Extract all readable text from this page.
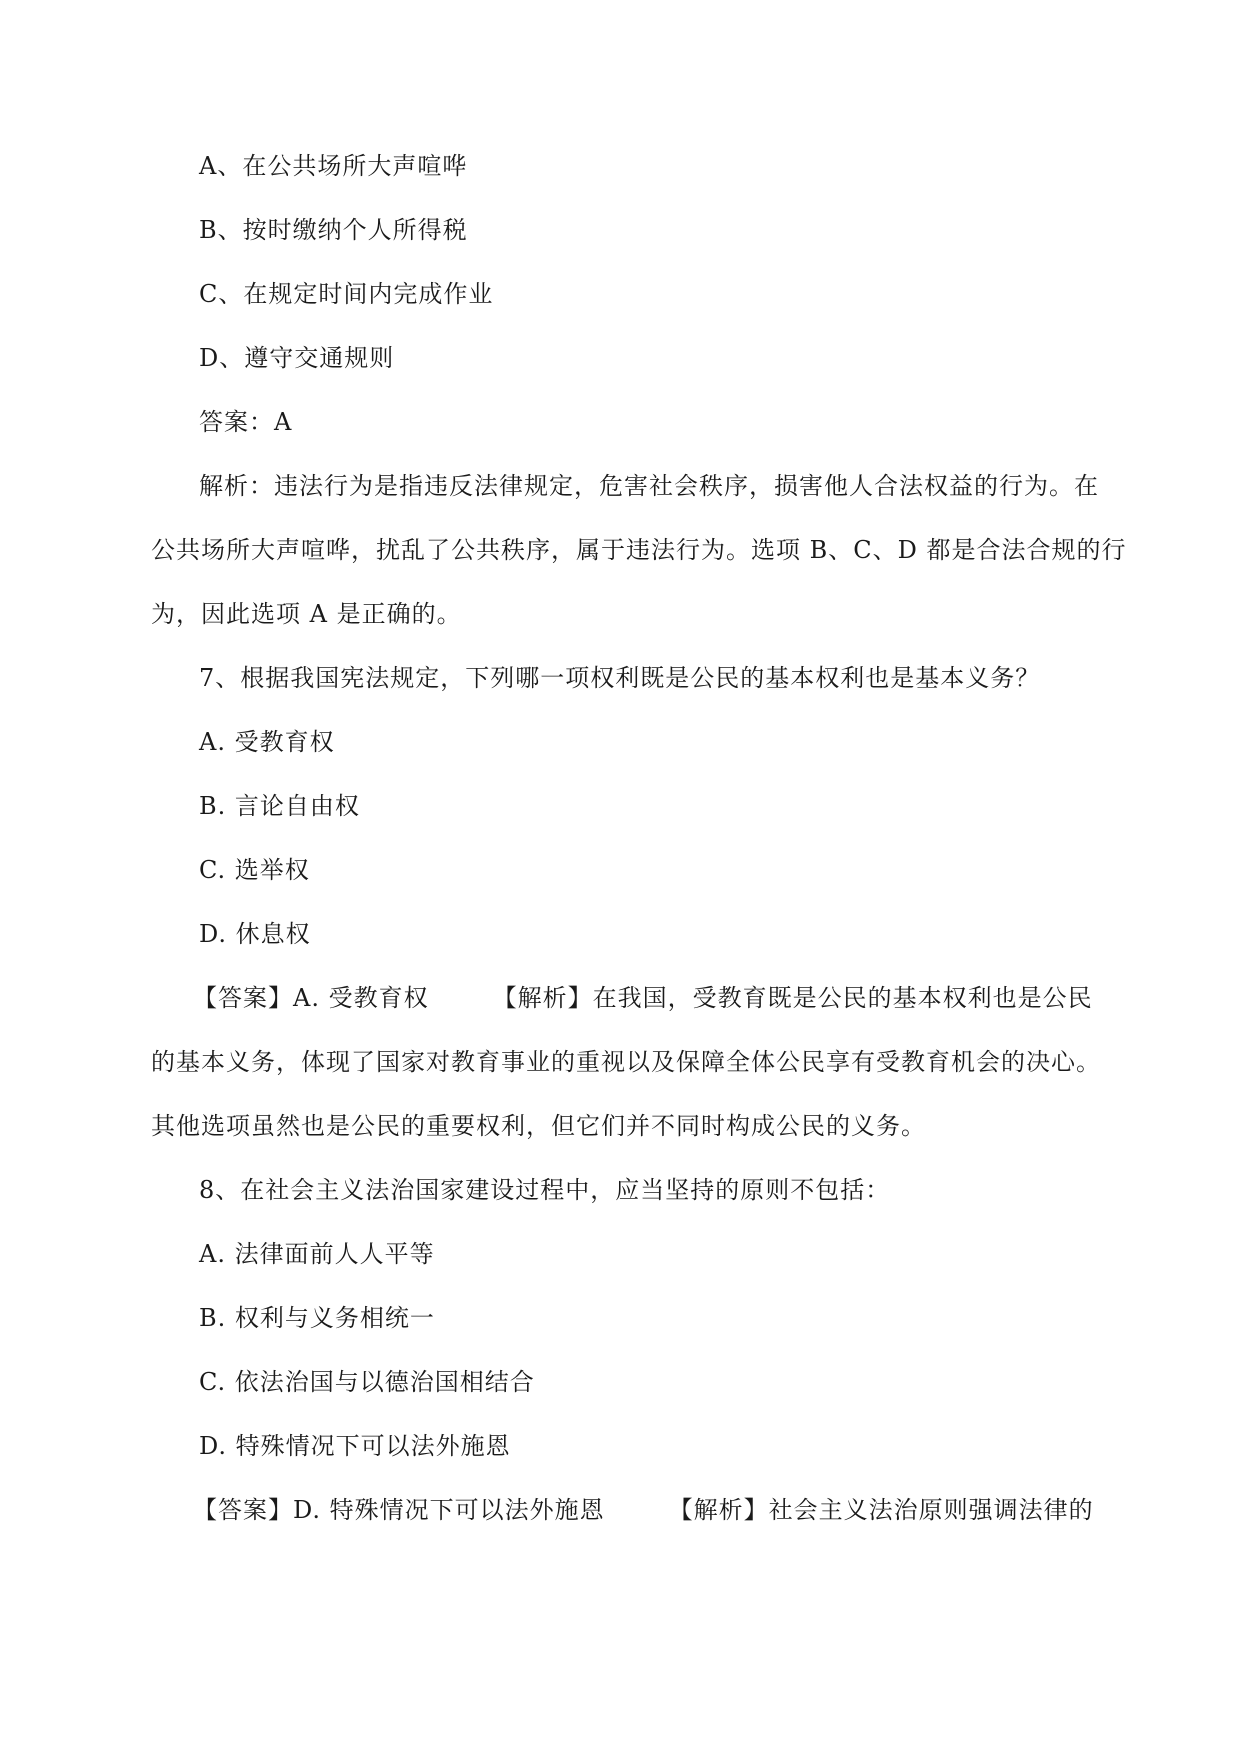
A、在公共场所大声喧哗
B、按时缴纳个人所得税
C、在规定时间内完成作业
D、遵守交通规则
答案：A
解析：违法行为是指违反法律规定，危害社会秩序，损害他人合法权益的行为。在
公共场所大声喧哗，扰乱了公共秩序，属于违法行为。选项 B、C、D 都是合法合规的行
为，因此选项 A 是正确的。
7、根据我国宪法规定，下列哪一项权利既是公民的基本权利也是基本义务？
A. 受教育权
B. 言论自由权
C. 选举权
D. 休息权
【答案】A. 受教育权	【解析】在我国，受教育既是公民的基本权利也是公民
的基本义务，体现了国家对教育事业的重视以及保障全体公民享有受教育机会的决心。
其他选项虽然也是公民的重要权利，但它们并不同时构成公民的义务。
8、在社会主义法治国家建设过程中，应当坚持的原则不包括：
A. 法律面前人人平等
B. 权利与义务相统一
C. 依法治国与以德治国相结合
D. 特殊情况下可以法外施恩
【答案】D. 特殊情况下可以法外施恩	【解析】社会主义法治原则强调法律的
